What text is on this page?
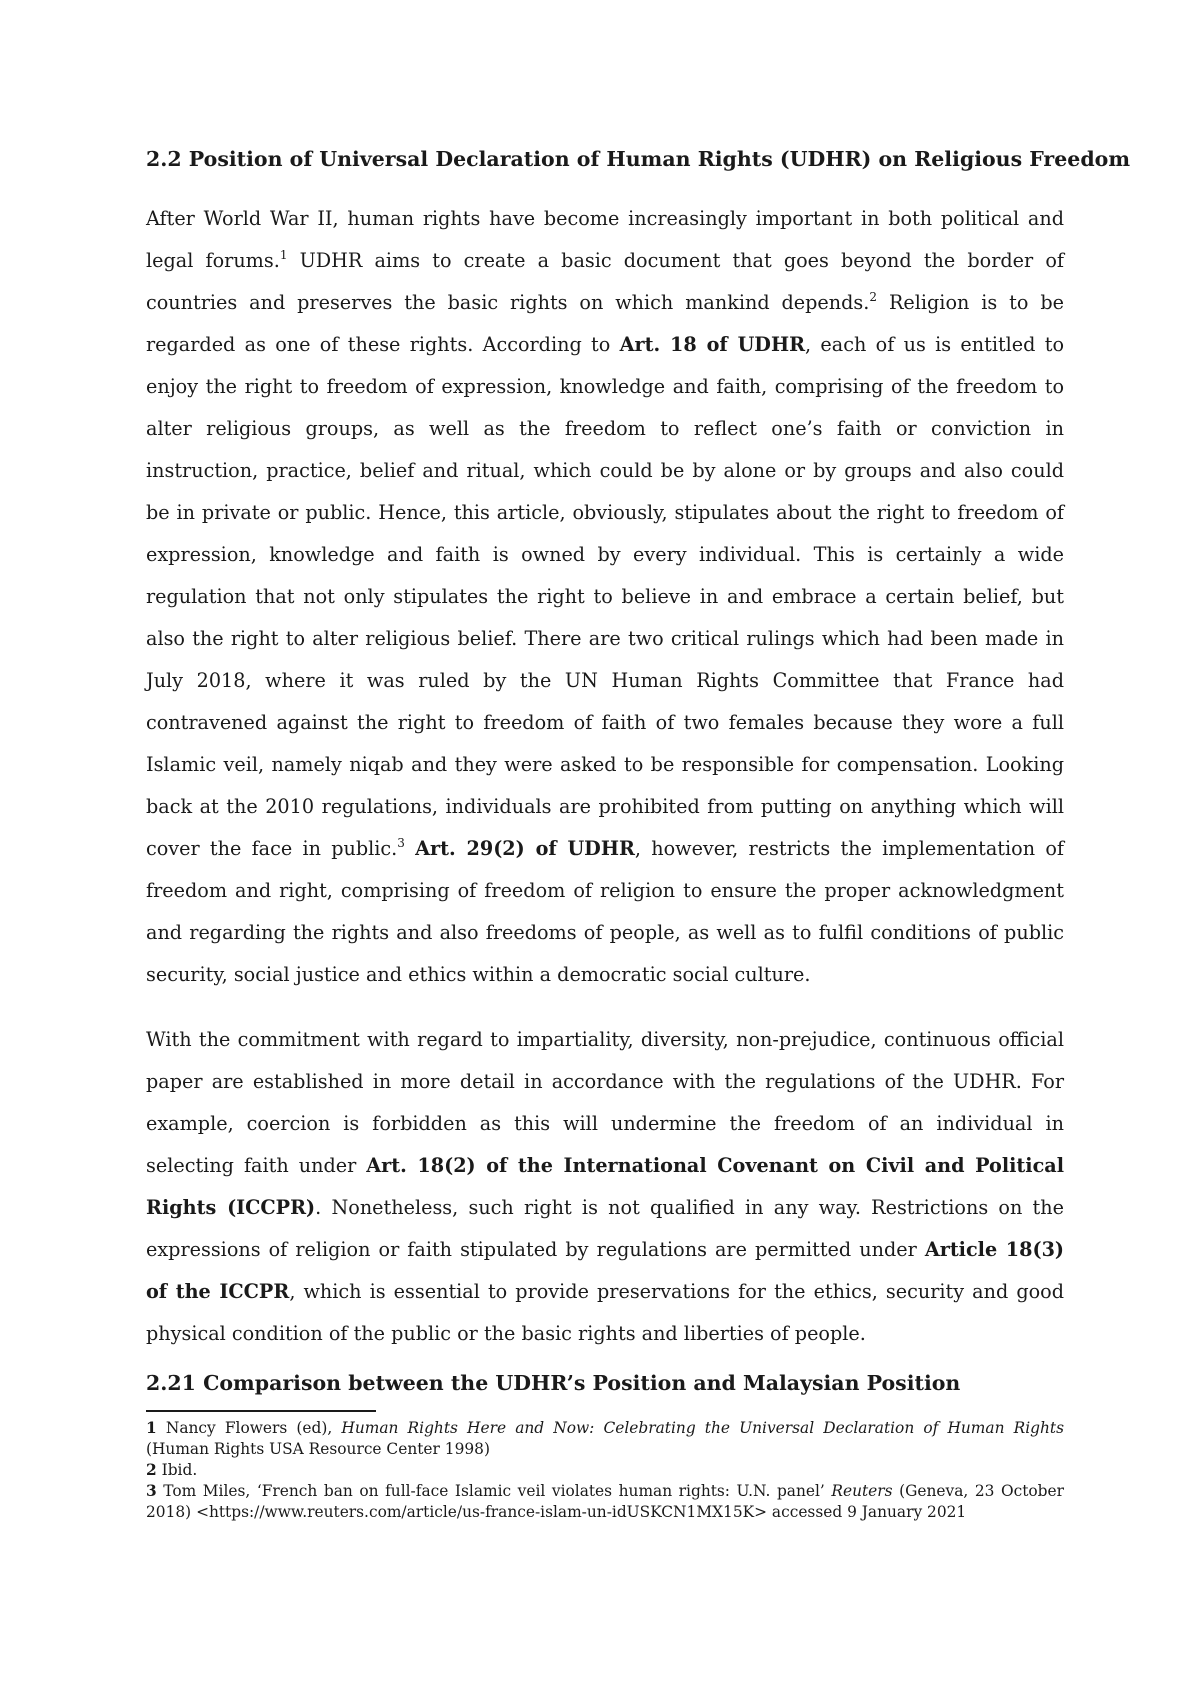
2.2 Position of Universal Declaration of Human Rights (UDHR) on Religious Freedom

After World War II, human rights have become increasingly important in both political and legal forums.$^1$ UDHR aims to create a basic document that goes beyond the border of countries and preserves the basic rights on which mankind depends.$^2$ Religion is to be regarded as one of these rights. According to Art. 18 of UDHR, each of us is entitled to enjoy the right to freedom of expression, knowledge and faith, comprising of the freedom to alter religious groups, as well as the freedom to reflect one’s faith or conviction in instruction, practice, belief and ritual, which could be by alone or by groups and also could be in private or public. Hence, this article, obviously, stipulates about the right to freedom of expression, knowledge and faith is owned by every individual. This is certainly a wide regulation that not only stipulates the right to believe in and embrace a certain belief, but also the right to alter religious belief. There are two critical rulings which had been made in July 2018, where it was ruled by the UN Human Rights Committee that France had contravened against the right to freedom of faith of two females because they wore a full Islamic veil, namely niqab and they were asked to be responsible for compensation. Looking back at the 2010 regulations, individuals are prohibited from putting on anything which will cover the face in public.$^3$ Art. 29(2) of UDHR, however, restricts the implementation of freedom and right, comprising of freedom of religion to ensure the proper acknowledgment and regarding the rights and also freedoms of people, as well as to fulfil conditions of public security, social justice and ethics within a democratic social culture.

With the commitment with regard to impartiality, diversity, non-prejudice, continuous official paper are established in more detail in accordance with the regulations of the UDHR. For example, coercion is forbidden as this will undermine the freedom of an individual in selecting faith under Art. 18(2) of the International Covenant on Civil and Political Rights (ICCPR). Nonetheless, such right is not qualified in any way. Restrictions on the expressions of religion or faith stipulated by regulations are permitted under Article 18(3) of the ICCPR, which is essential to provide preservations for the ethics, security and good physical condition of the public or the basic rights and liberties of people.

2.21 Comparison between the UDHR’s Position and Malaysian Position

1 Nancy Flowers (ed), Human Rights Here and Now: Celebrating the Universal Declaration of Human Rights (Human Rights USA Resource Center 1998)

2 Ibid.

3 Tom Miles, ‘French ban on full-face Islamic veil violates human rights: U.N. panel’ Reuters (Geneva, 23 October 2018) <https://www.reuters.com/article/us-france-islam-un-idUSKCN1MX15K> accessed 9 January 2021
